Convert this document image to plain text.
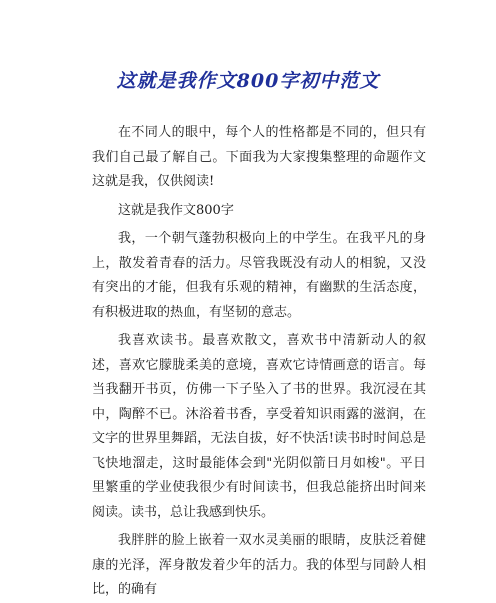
这就是我作文800字初中范文

在不同人的眼中，每个人的性格都是不同的，但只有我们自己最了解自己。下面我为大家搜集整理的命题作文这就是我，仅供阅读!

这就是我作文800字

我，一个朝气蓬勃积极向上的中学生。在我平凡的身上，散发着青春的活力。尽管我既没有动人的相貌，又没有突出的才能，但我有乐观的精神，有幽默的生活态度，有积极进取的热血，有坚韧的意志。

我喜欢读书。最喜欢散文，喜欢书中清新动人的叙述，喜欢它朦胧柔美的意境，喜欢它诗情画意的语言。每当我翻开书页，仿佛一下子坠入了书的世界。我沉浸在其中，陶醉不已。沐浴着书香，享受着知识雨露的滋润，在文字的世界里舞蹈，无法自拔，好不快活!读书时时间总是飞快地溜走，这时最能体会到"光阴似箭日月如梭"。平日里繁重的学业使我很少有时间读书，但我总能挤出时间来阅读。读书，总让我感到快乐。

我胖胖的脸上嵌着一双水灵美丽的眼睛，皮肤泛着健康的光泽，浑身散发着少年的活力。我的体型与同龄人相比，的确有
